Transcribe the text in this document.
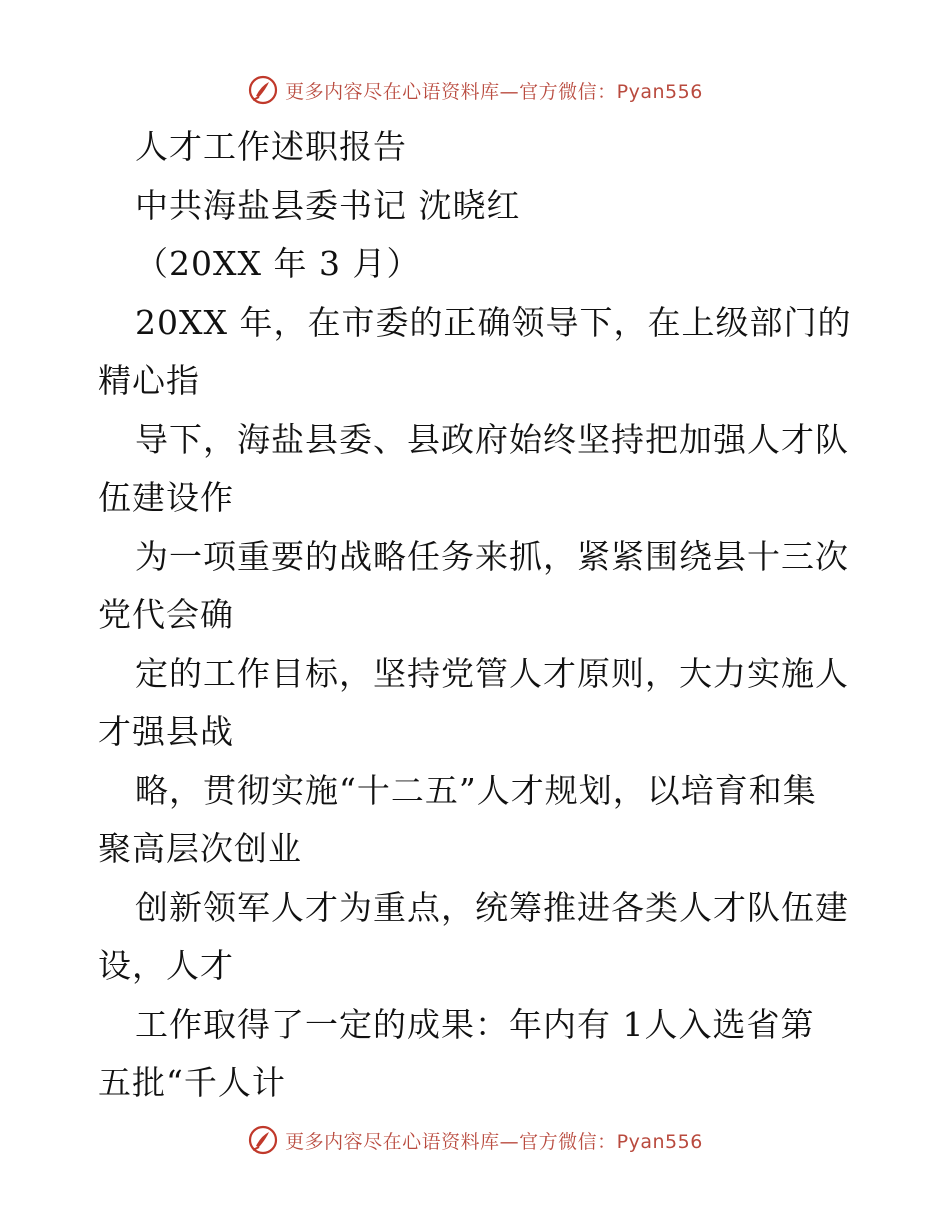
更多内容尽在心语资料库—官方微信：Pyan556
人才工作述职报告
中共海盐县委书记 沈晓红
（20XX 年 3 月）
20XX 年，在市委的正确领导下，在上级部门的
精心指
导下，海盐县委、县政府始终坚持把加强人才队
伍建设作
为一项重要的战略任务来抓，紧紧围绕县十三次
党代会确
定的工作目标，坚持党管人才原则，大力实施人
才强县战
略，贯彻实施“十二五”人才规划，以培育和集
聚高层次创业
创新领军人才为重点，统筹推进各类人才队伍建
设，人才
工作取得了一定的成果：年内有 1人入选省第
五批“千人计
更多内容尽在心语资料库—官方微信：Pyan556
